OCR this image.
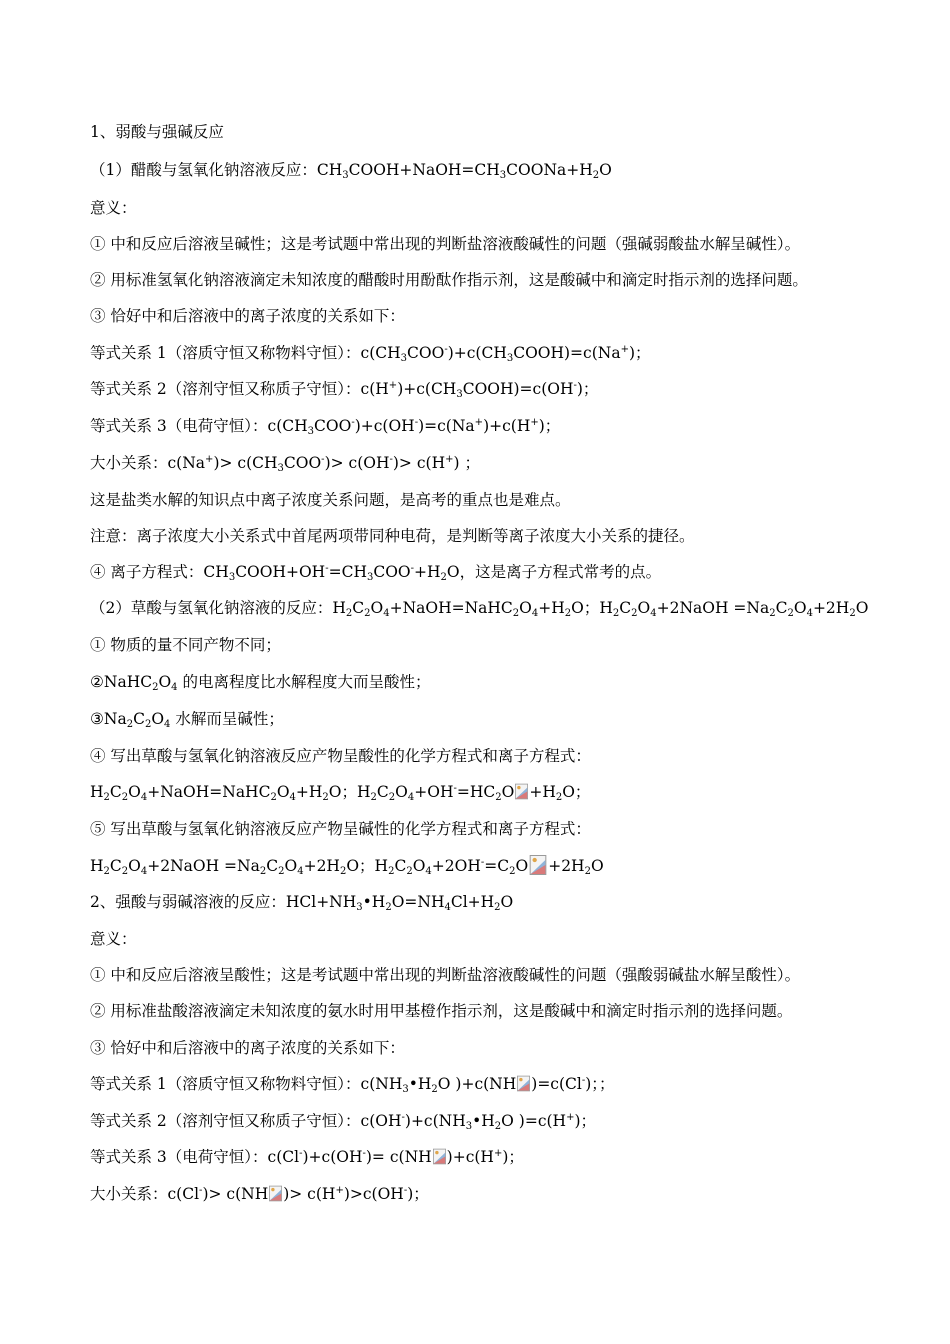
1、弱酸与强碱反应
（1）醋酸与氢氧化钠溶液反应：$CH_3COOH+NaOH=CH_3COONa+H_2O$
意义：
① 中和反应后溶液呈碱性；这是考试题中常出现的判断盐溶液酸碱性的问题（强碱弱酸盐水解呈碱性）。
② 用标准氢氧化钠溶液滴定未知浓度的醋酸时用酚酞作指示剂，这是酸碱中和滴定时指示剂的选择问题。
③ 恰好中和后溶液中的离子浓度的关系如下：
等式关系 1（溶质守恒又称物料守恒）：$c(CH_3COO^-)+c(CH_3COOH)=c(Na^+)$；
等式关系 2（溶剂守恒又称质子守恒）：$c(H^+)+c(CH_3COOH)=c(OH^-)$；
等式关系 3（电荷守恒）：$c(CH_3COO^-)+c(OH^-)=c(Na^+)+c(H^+)$；
大小关系：$c(Na^+)> c(CH_3COO^-)> c(OH^-)> c(H^+)$ ；
这是盐类水解的知识点中离子浓度关系问题，是高考的重点也是难点。
注意：离子浓度大小关系式中首尾两项带同种电荷，是判断等离子浓度大小关系的捷径。
④ 离子方程式：$CH_3COOH+OH^-=CH_3COO^-+H_2O$，这是离子方程式常考的点。
（2）草酸与氢氧化钠溶液的反应：$H_2C_2O_4+NaOH=NaHC_2O_4+H_2O$；$H_2C_2O_4+2NaOH =Na_2C_2O_4+2H_2O$
① 物质的量不同产物不同；
$②NaHC_2O_4$ 的电离程度比水解程度大而呈酸性；
$③Na_2C_2O_4$ 水解而呈碱性；
④ 写出草酸与氢氧化钠溶液反应产物呈酸性的化学方程式和离子方程式：
$H_2C_2O_4+NaOH=NaHC_2O_4+H_2O$；$H_2C_2O_4+OH^-=HC_2O +H_2O$；
⑤ 写出草酸与氢氧化钠溶液反应产物呈碱性的化学方程式和离子方程式：
$H_2C_2O_4+2NaOH =Na_2C_2O_4+2H_2O$；$H_2C_2O_4+2OH^-=C_2O +2H_2O$
2、强酸与弱碱溶液的反应：$HCl+NH_3•H_2O=NH_4Cl+H_2O$
意义：
① 中和反应后溶液呈酸性；这是考试题中常出现的判断盐溶液酸碱性的问题（强酸弱碱盐水解呈酸性）。
② 用标准盐酸溶液滴定未知浓度的氨水时用甲基橙作指示剂，这是酸碱中和滴定时指示剂的选择问题。
③ 恰好中和后溶液中的离子浓度的关系如下：
等式关系 1（溶质守恒又称物料守恒）：$c(NH_3•H_2O$ )+c(NH )=c(Cl-)；；
等式关系 2（溶剂守恒又称质子守恒）：$c(OH^-)+c(NH_3•H_2O$ )=c(H+)；
等式关系 3（电荷守恒）：c(Cl-)+c(OH-)= c(NH )+c(H+)；
大小关系：c(Cl-)> c(NH )> c(H+)>c(OH-)；
